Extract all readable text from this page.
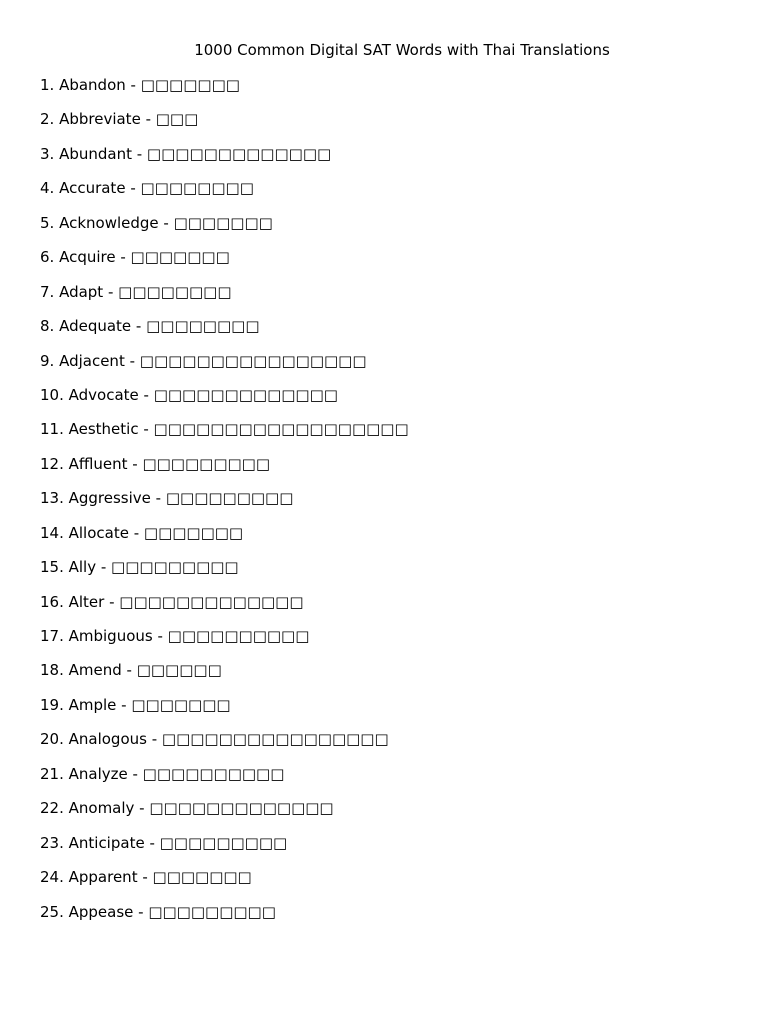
1000 Common Digital SAT Words with Thai Translations
1. Abandon - □□□□□□□
2. Abbreviate - □□□
3. Abundant - □□□□□□□□□□□□□
4. Accurate - □□□□□□□□
5. Acknowledge - □□□□□□□
6. Acquire - □□□□□□□
7. Adapt - □□□□□□□□
8. Adequate - □□□□□□□□
9. Adjacent - □□□□□□□□□□□□□□□□
10. Advocate - □□□□□□□□□□□□□
11. Aesthetic - □□□□□□□□□□□□□□□□□□
12. Affluent - □□□□□□□□□
13. Aggressive - □□□□□□□□□
14. Allocate - □□□□□□□
15. Ally - □□□□□□□□□
16. Alter - □□□□□□□□□□□□□
17. Ambiguous - □□□□□□□□□□
18. Amend - □□□□□□
19. Ample - □□□□□□□
20. Analogous - □□□□□□□□□□□□□□□□
21. Analyze - □□□□□□□□□□
22. Anomaly - □□□□□□□□□□□□□
23. Anticipate - □□□□□□□□□
24. Apparent - □□□□□□□
25. Appease - □□□□□□□□□
